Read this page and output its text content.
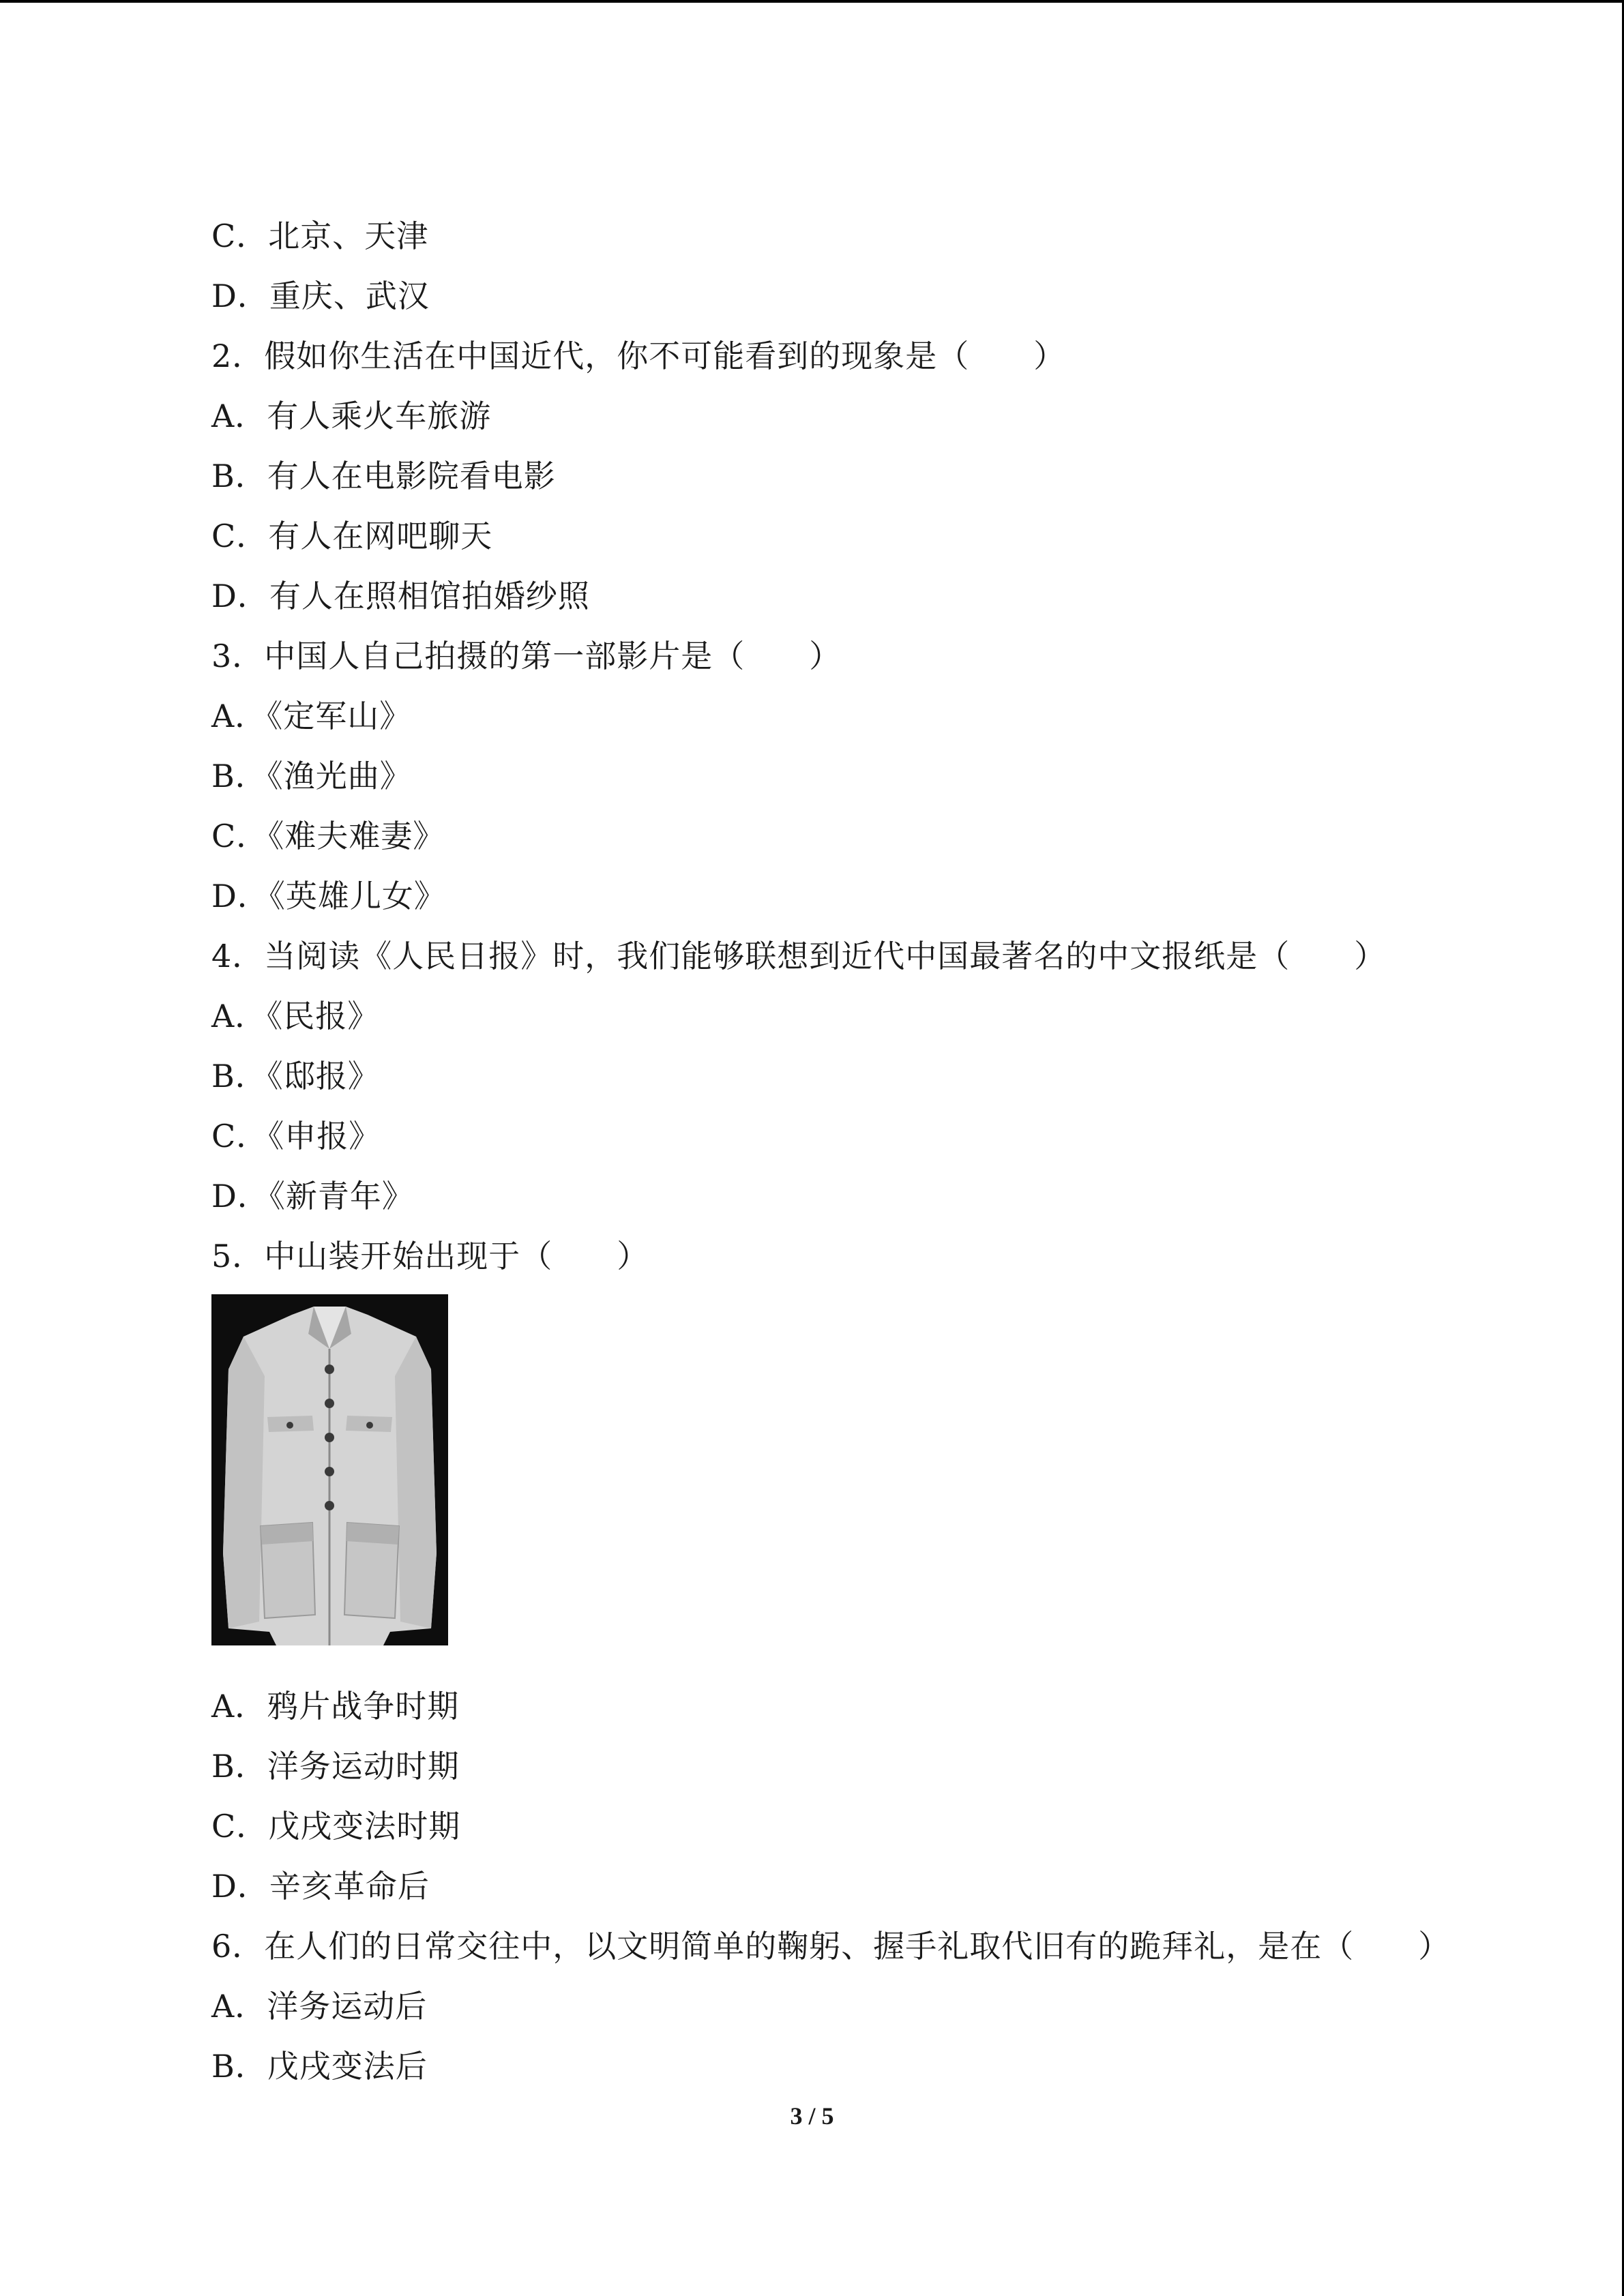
C．北京、天津
D．重庆、武汉
2．假如你生活在中国近代，你不可能看到的现象是（　　）
A．有人乘火车旅游
B．有人在电影院看电影
C．有人在网吧聊天
D．有人在照相馆拍婚纱照
3．中国人自己拍摄的第一部影片是（　　）
A．《定军山》
B．《渔光曲》
C．《难夫难妻》
D．《英雄儿女》
4．当阅读《人民日报》时，我们能够联想到近代中国最著名的中文报纸是（　　）
A．《民报》
B．《邸报》
C．《申报》
D．《新青年》
5．中山装开始出现于（　　）
A．鸦片战争时期
B．洋务运动时期
C．戊戌变法时期
D．辛亥革命后
6．在人们的日常交往中，以文明简单的鞠躬、握手礼取代旧有的跪拜礼，是在（　　）
A．洋务运动后
B．戊戌变法后
3 / 5
